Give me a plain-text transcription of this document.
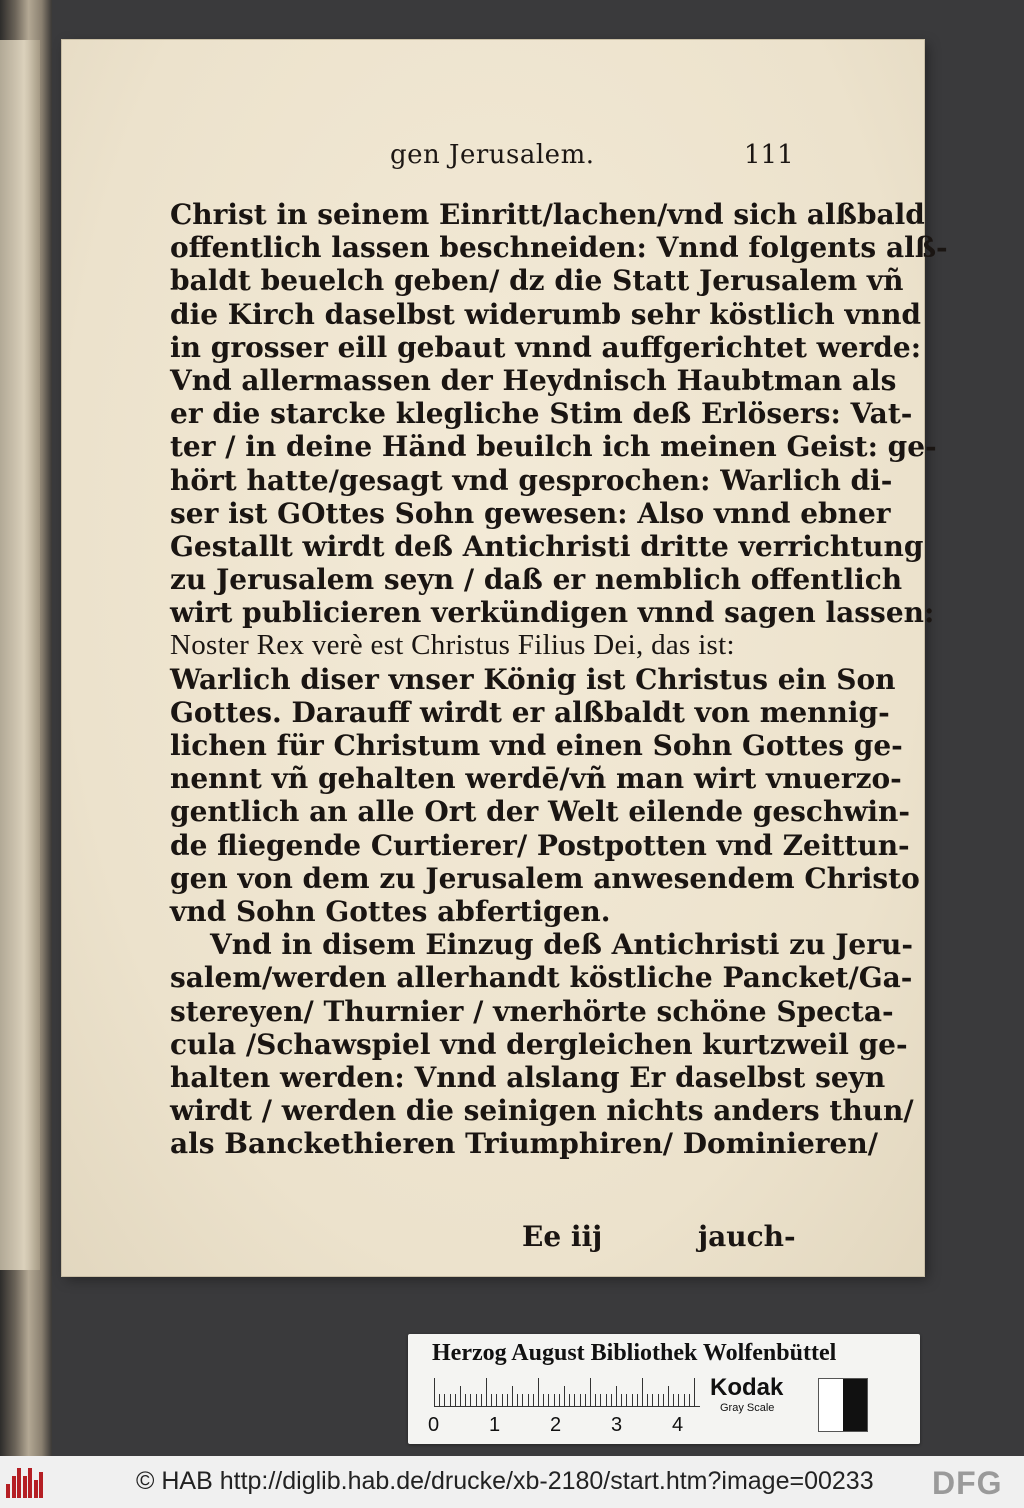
gen Jerusalem.	111
Christ in seinem Einritt/lachen/vnd sich alßbald
offentlich lassen beschneiden: Vnnd folgents alß-
baldt beuelch geben/ dz die Statt Jerusalem vñ
die Kirch daselbst widerumb sehr köstlich vnnd
in grosser eill gebaut vnnd auffgerichtet werde:
Vnd allermassen der Heydnisch Haubtman als
er die starcke klegliche Stim deß Erlösers: Vat-
ter / in deine Händ beuilch ich meinen Geist: ge-
hört hatte/gesagt vnd gesprochen: Warlich di-
ser ist GOttes Sohn gewesen: Also vnnd ebner
Gestallt wirdt deß Antichristi dritte verrichtung
zu Jerusalem seyn / daß er nemblich offentlich
wirt publicieren verkündigen vnnd sagen lassen:
Noster Rex verè est Christus Filius Dei, das ist:
Warlich diser vnser König ist Christus ein Son
Gottes. Darauff wirdt er alßbaldt von mennig-
lichen für Christum vnd einen Sohn Gottes ge-
nennt vñ gehalten werdē/vñ man wirt vnuerzo-
gentlich an alle Ort der Welt eilende geschwin-
de fliegende Curtierer/ Postpotten vnd Zeittun-
gen von dem zu Jerusalem anwesendem Christo
vnd Sohn Gottes abfertigen.
Vnd in disem Einzug deß Antichristi zu Jeru-
salem/werden allerhandt köstliche Pancket/Ga-
stereyen/ Thurnier / vnerhörte schöne Specta-
cula /Schawspiel vnd dergleichen kurtzweil ge-
halten werden: Vnnd alslang Er daselbst seyn
wirdt / werden die seinigen nichts anders thun/
als Banckethieren Triumphiren/ Dominieren/
Ee iij	jauch-
Herzog August Bibliothek Wolfenbüttel
0 1 2 3 4
Kodak
Gray Scale
© HAB http://diglib.hab.de/drucke/xb-2180/start.htm?image=00233 DFG
